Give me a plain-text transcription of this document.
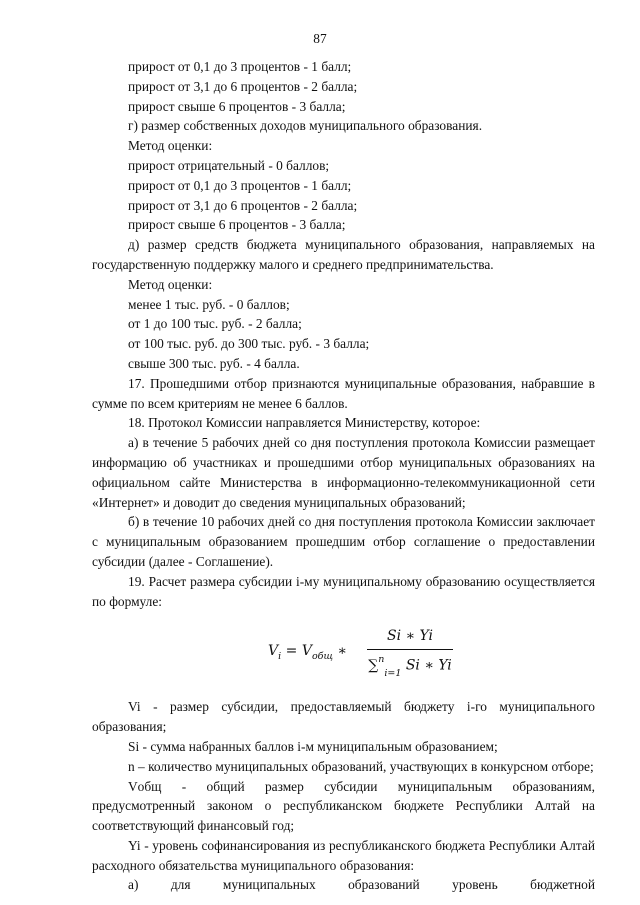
87

прирост от 0,1 до 3 процентов - 1 балл;

прирост от 3,1 до 6 процентов - 2 балла;

прирост свыше 6 процентов - 3 балла;

г) размер собственных доходов муниципального образования.

Метод оценки:

прирост отрицательный - 0 баллов;

прирост от 0,1 до 3 процентов - 1 балл;

прирост от 3,1 до 6 процентов - 2 балла;

прирост свыше 6 процентов - 3 балла;

д) размер средств бюджета муниципального образования, направляемых на государственную поддержку малого и среднего предпринимательства.

Метод оценки:

менее 1 тыс. руб. - 0 баллов;

от 1 до 100 тыс. руб. - 2 балла;

от 100 тыс. руб. до 300 тыс. руб. - 3 балла;

свыше 300 тыс. руб. - 4 балла.

17. Прошедшими отбор признаются муниципальные образования, набравшие в сумме по всем критериям не менее 6 баллов.

18. Протокол Комиссии направляется Министерству, которое:

а) в течение 5 рабочих дней со дня поступления протокола Комиссии размещает информацию об участниках и прошедшими отбор муниципальных образованиях на официальном сайте Министерства в информационно-телекоммуникационной сети «Интернет» и доводит до сведения муниципальных образований;

б) в течение 10 рабочих дней со дня поступления протокола Комиссии заключает с муниципальным образованием прошедшим отбор соглашение о предоставлении субсидии (далее - Соглашение).

19. Расчет размера субсидии i-му муниципальному образованию осуществляется по формуле:

$V_i = V_{общ}$ ∗ $\frac{Si ∗ Yi}{\sum^n_{i=1} Si ∗ Yi}$

Vi - размер субсидии, предоставляемый бюджету i-го муниципального образования;

Si - сумма набранных баллов i-м муниципальным образованием;

n – количество муниципальных образований, участвующих в конкурсном отборе;

Vобщ - общий размер субсидии муниципальным образованиям, предусмотренный законом о республиканском бюджете Республики Алтай на соответствующий финансовый год;

Yi - уровень софинансирования из республиканского бюджета Республики Алтай расходного обязательства муниципального образования:

а) для муниципальных образований уровень бюджетной
